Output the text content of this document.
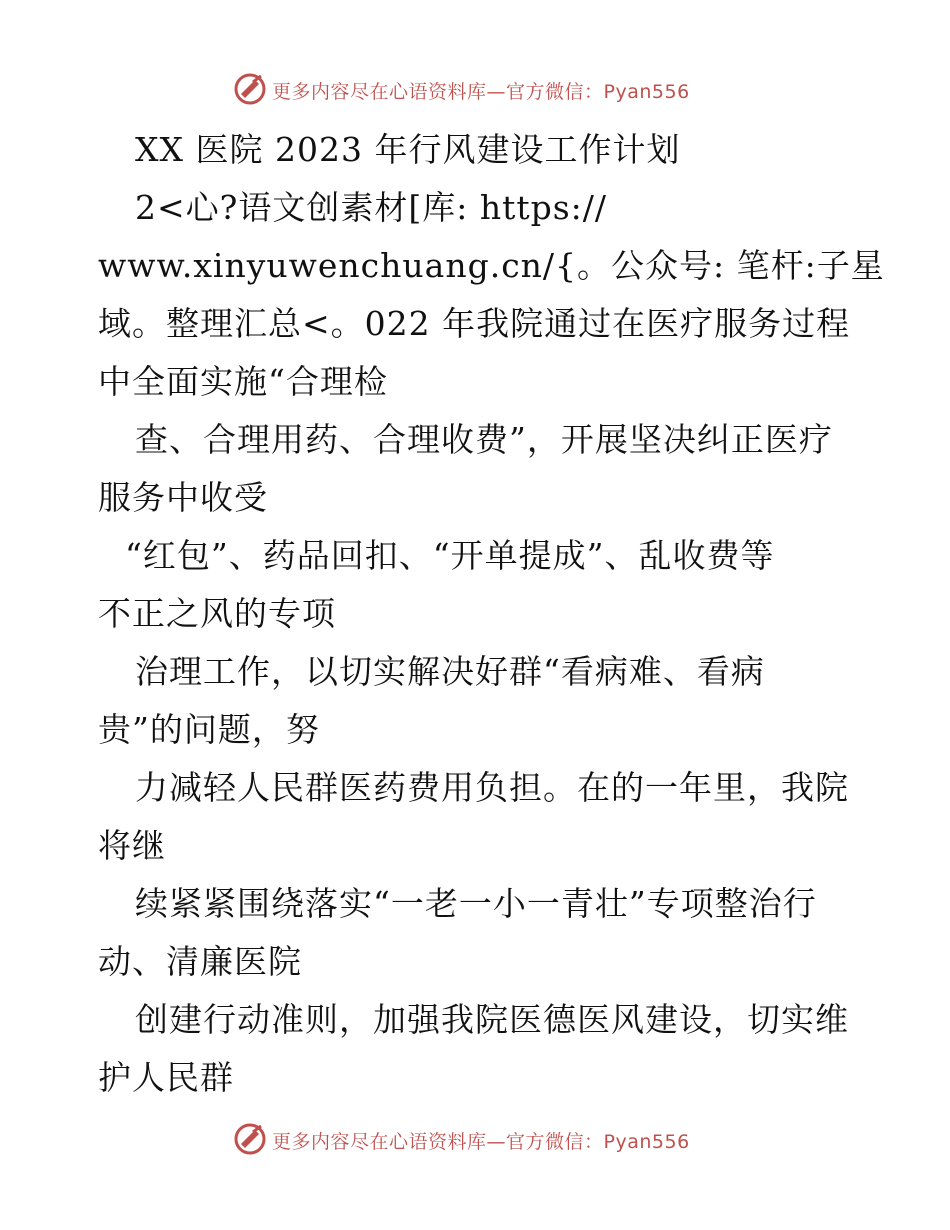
更多内容尽在心语资料库—官方微信：Pyan556
XX 医院 2023 年行风建设工作计划
2<心?语文创素材[库: https://
www.xinyuwenchuang.cn/{。公众号: 笔杆:子星
域。整理汇总<。022 年我院通过在医疗服务过程
中全面实施“合理检
查、合理用药、合理收费”，开展坚决纠正医疗
服务中收受
“红包”、药品回扣、“开单提成”、乱收费等
不正之风的专项
治理工作，以切实解决好群“看病难、看病
贵”的问题，努
力减轻人民群医药费用负担。在的一年里，我院
将继
续紧紧围绕落实“一老一小一青壮”专项整治行
动、清廉医院
创建行动准则，加强我院医德医风建设，切实维
护人民群
更多内容尽在心语资料库—官方微信：Pyan556
